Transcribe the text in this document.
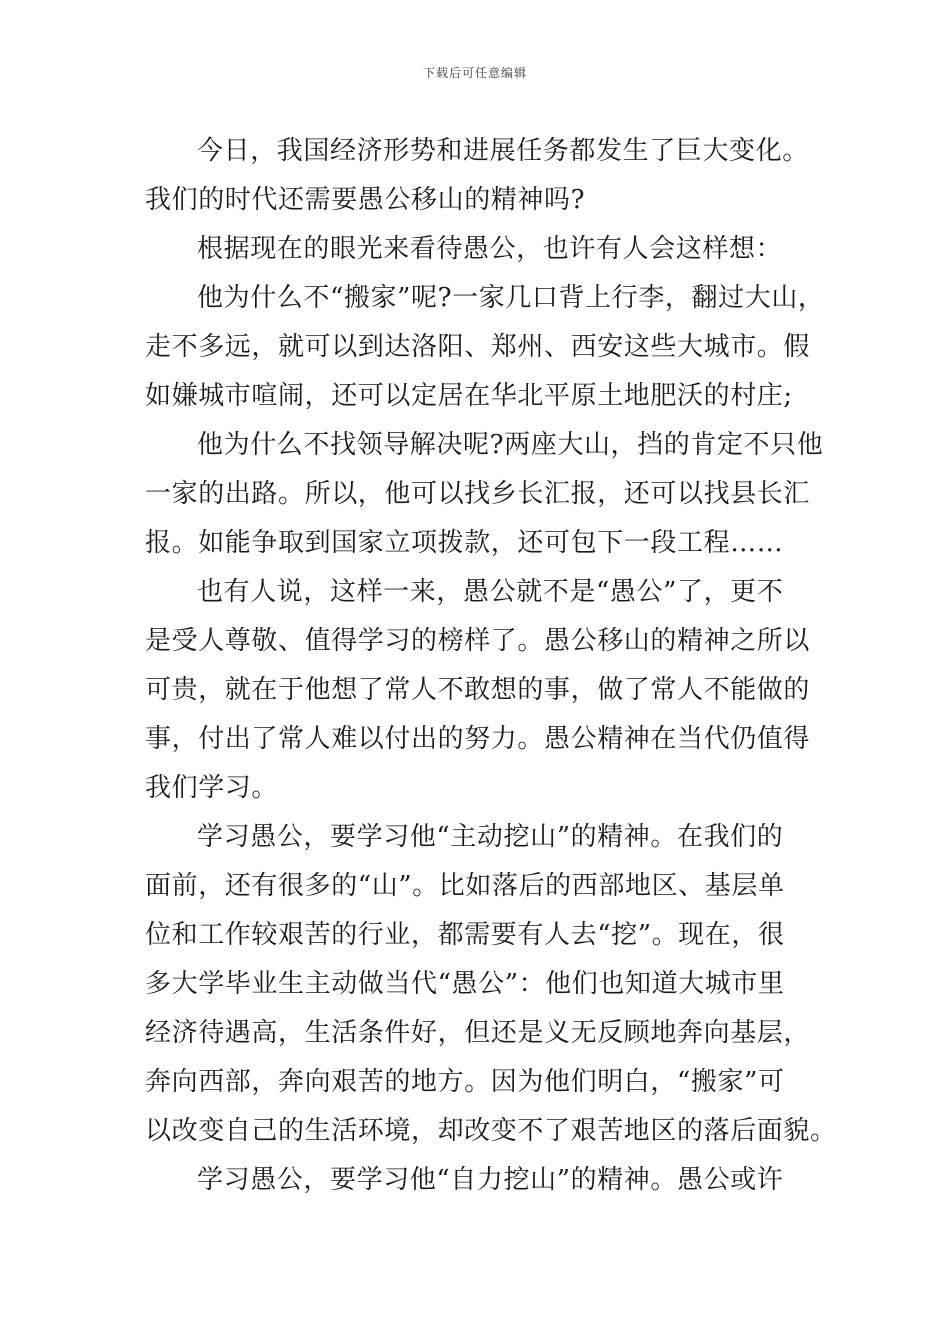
下载后可任意编辑

今日，我国经济形势和进展任务都发生了巨大变化。
我们的时代还需要愚公移山的精神吗?

根据现在的眼光来看待愚公，也许有人会这样想：

他为什么不“搬家”呢?一家几口背上行李，翻过大山，
走不多远，就可以到达洛阳、郑州、西安这些大城市。假
如嫌城市喧闹，还可以定居在华北平原土地肥沃的村庄;

他为什么不找领导解决呢?两座大山，挡的肯定不只他
一家的出路。所以，他可以找乡长汇报，还可以找县长汇
报。如能争取到国家立项拨款，还可包下一段工程……

也有人说，这样一来，愚公就不是“愚公”了，更不
是受人尊敬、值得学习的榜样了。愚公移山的精神之所以
可贵，就在于他想了常人不敢想的事，做了常人不能做的
事，付出了常人难以付出的努力。愚公精神在当代仍值得
我们学习。

学习愚公，要学习他“主动挖山”的精神。在我们的
面前，还有很多的“山”。比如落后的西部地区、基层单
位和工作较艰苦的行业，都需要有人去“挖”。现在，很
多大学毕业生主动做当代“愚公”：他们也知道大城市里
经济待遇高，生活条件好，但还是义无反顾地奔向基层，
奔向西部，奔向艰苦的地方。因为他们明白，“搬家”可
以改变自己的生活环境，却改变不了艰苦地区的落后面貌。

学习愚公，要学习他“自力挖山”的精神。愚公或许
